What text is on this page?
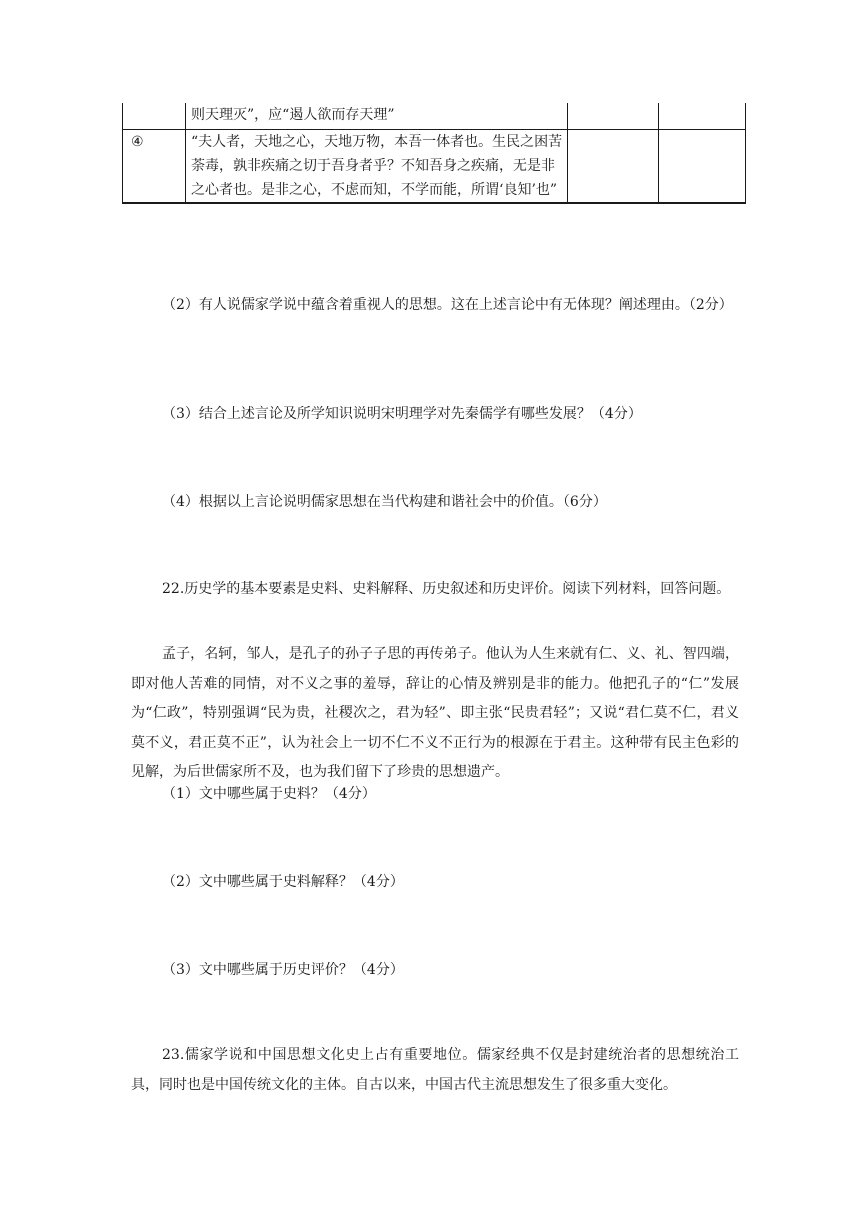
	则天理灭”，应“遏人欲而存天理”		
④	“夫人者，天地之心，天地万物，本吾一体者也。生民之困苦荼毒，孰非疾痛之切于吾身者乎？不知吾身之疾痛，无是非之心者也。是非之心，不虑而知，不学而能，所谓‘良知’也”		

（2）有人说儒家学说中蕴含着重视人的思想。这在上述言论中有无体现？阐述理由。（2分）

（3）结合上述言论及所学知识说明宋明理学对先秦儒学有哪些发展？（4分）

（4）根据以上言论说明儒家思想在当代构建和谐社会中的价值。（6分）

22.历史学的基本要素是史料、史料解释、历史叙述和历史评价。阅读下列材料，回答问题。

孟子，名轲，邹人，是孔子的孙子子思的再传弟子。他认为人生来就有仁、义、礼、智四端，即对他人苦难的同情，对不义之事的羞辱，辞让的心情及辨别是非的能力。他把孔子的“仁”发展为“仁政”，特别强调“民为贵，社稷次之，君为轻”、即主张“民贵君轻”；又说“君仁莫不仁，君义莫不义，君正莫不正”，认为社会上一切不仁不义不正行为的根源在于君主。这种带有民主色彩的见解，为后世儒家所不及，也为我们留下了珍贵的思想遗产。

（1）文中哪些属于史料？（4分）

（2）文中哪些属于史料解释？（4分）

（3）文中哪些属于历史评价？（4分）

23.儒家学说和中国思想文化史上占有重要地位。儒家经典不仅是封建统治者的思想统治工具，同时也是中国传统文化的主体。自古以来，中国古代主流思想发生了很多重大变化。
